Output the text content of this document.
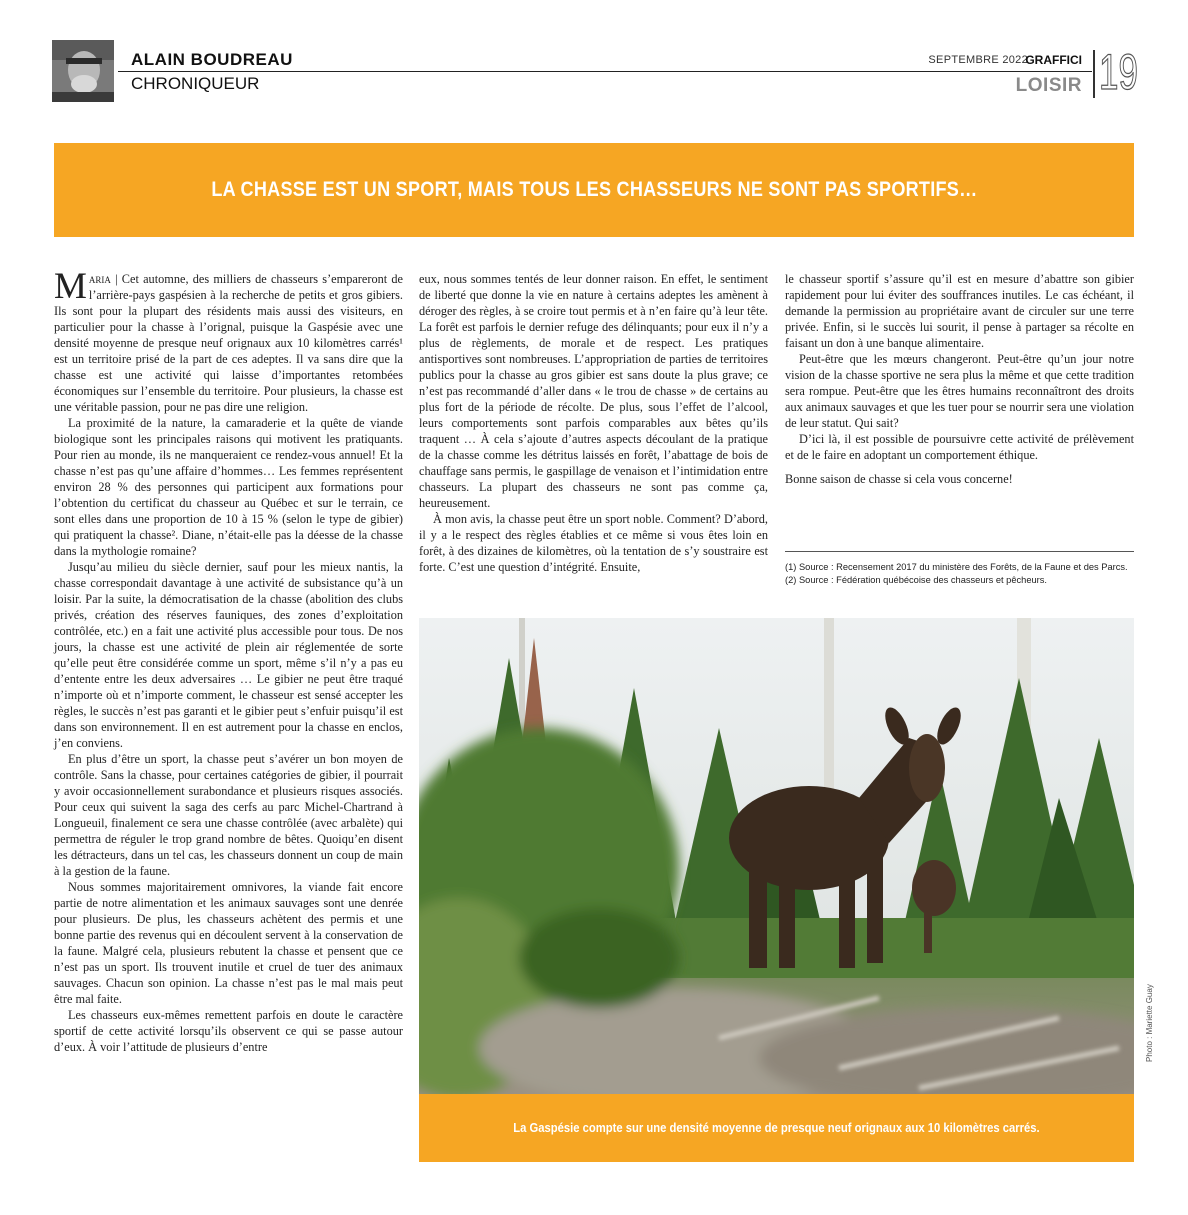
ALAIN BOUDREAU
CHRONIQUEUR
SEPTEMBRE 2022
GRAFFICI
LOISIR 19
LA CHASSE EST UN SPORT, MAIS TOUS LES CHASSEURS NE SONT PAS SPORTIFS…

Maria | Cet automne, des milliers de chasseurs s’empareront de l’arrière-pays gaspésien à la recherche de petits et gros gibiers. Ils sont pour la plupart des résidents mais aussi des visiteurs, en particulier pour la chasse à l’orignal, puisque la Gaspésie avec une densité moyenne de presque neuf orignaux aux 10 kilomètres carrés¹ est un territoire prisé de la part de ces adeptes. Il va sans dire que la chasse est une activité qui laisse d’importantes retombées économiques sur l’ensemble du territoire. Pour plusieurs, la chasse est une véritable passion, pour ne pas dire une religion.

La proximité de la nature, la camaraderie et la quête de viande biologique sont les principales raisons qui motivent les pratiquants. Pour rien au monde, ils ne manqueraient ce rendez-vous annuel! Et la chasse n’est pas qu’une affaire d’hommes… Les femmes représentent environ 28 % des personnes qui participent aux formations pour l’obtention du certificat du chasseur au Québec et sur le terrain, ce sont elles dans une proportion de 10 à 15 % (selon le type de gibier) qui pratiquent la chasse². Diane, n’était-elle pas la déesse de la chasse dans la mythologie romaine?

Jusqu’au milieu du siècle dernier, sauf pour les mieux nantis, la chasse correspondait davantage à une activité de subsistance qu’à un loisir. Par la suite, la démocratisation de la chasse (abolition des clubs privés, création des réserves fauniques, des zones d’exploitation contrôlée, etc.) en a fait une activité plus accessible pour tous. De nos jours, la chasse est une activité de plein air réglementée de sorte qu’elle peut être considérée comme un sport, même s’il n’y a pas eu d’entente entre les deux adversaires … Le gibier ne peut être traqué n’importe où et n’importe comment, le chasseur est sensé accepter les règles, le succès n’est pas garanti et le gibier peut s’enfuir puisqu’il est dans son environnement. Il en est autrement pour la chasse en enclos, j’en conviens.

En plus d’être un sport, la chasse peut s’avérer un bon moyen de contrôle. Sans la chasse, pour certaines catégories de gibier, il pourrait y avoir occasionnellement surabondance et plusieurs risques associés. Pour ceux qui suivent la saga des cerfs au parc Michel-Chartrand à Longueuil, finalement ce sera une chasse contrôlée (avec arbalète) qui permettra de réguler le trop grand nombre de bêtes. Quoiqu’en disent les détracteurs, dans un tel cas, les chasseurs donnent un coup de main à la gestion de la faune.

Nous sommes majoritairement omnivores, la viande fait encore partie de notre alimentation et les animaux sauvages sont une denrée pour plusieurs. De plus, les chasseurs achètent des permis et une bonne partie des revenus qui en découlent servent à la conservation de la faune. Malgré cela, plusieurs rebutent la chasse et pensent que ce n’est pas un sport. Ils trouvent inutile et cruel de tuer des animaux sauvages. Chacun son opinion. La chasse n’est pas le mal mais peut être mal faite.

Les chasseurs eux-mêmes remettent parfois en doute le caractère sportif de cette activité lorsqu’ils observent ce qui se passe autour d’eux. À voir l’attitude de plusieurs d’entre

eux, nous sommes tentés de leur donner raison. En effet, le sentiment de liberté que donne la vie en nature à certains adeptes les amènent à déroger des règles, à se croire tout permis et à n’en faire qu’à leur tête. La forêt est parfois le dernier refuge des délinquants; pour eux il n’y a plus de règlements, de morale et de respect. Les pratiques antisportives sont nombreuses. L’appropriation de parties de territoires publics pour la chasse au gros gibier est sans doute la plus grave; ce n’est pas recommandé d’aller dans « le trou de chasse » de certains au plus fort de la période de récolte. De plus, sous l’effet de l’alcool, leurs comportements sont parfois comparables aux bêtes qu’ils traquent … À cela s’ajoute d’autres aspects découlant de la pratique de la chasse comme les détritus laissés en forêt, l’abattage de bois de chauffage sans permis, le gaspillage de venaison et l’intimidation entre chasseurs. La plupart des chasseurs ne sont pas comme ça, heureusement.

À mon avis, la chasse peut être un sport noble. Comment? D’abord, il y a le respect des règles établies et ce même si vous êtes loin en forêt, à des dizaines de kilomètres, où la tentation de s’y soustraire est forte. C’est une question d’intégrité. Ensuite,

le chasseur sportif s’assure qu’il est en mesure d’abattre son gibier rapidement pour lui éviter des souffrances inutiles. Le cas échéant, il demande la permission au propriétaire avant de circuler sur une terre privée. Enfin, si le succès lui sourit, il pense à partager sa récolte en faisant un don à une banque alimentaire.

Peut-être que les mœurs changeront. Peut-être qu’un jour notre vision de la chasse sportive ne sera plus la même et que cette tradition sera rompue. Peut-être que les êtres humains reconnaîtront des droits aux animaux sauvages et que les tuer pour se nourrir sera une violation de leur statut. Qui sait?

D’ici là, il est possible de poursuivre cette activité de prélèvement et de le faire en adoptant un comportement éthique.

Bonne saison de chasse si cela vous concerne!

(1) Source : Recensement 2017 du ministère des Forêts, de la Faune et des Parcs.
(2) Source : Fédération québécoise des chasseurs et pêcheurs.
La Gaspésie compte sur une densité moyenne de presque neuf orignaux aux 10 kilomètres carrés.
Photo : Mariette Guay
